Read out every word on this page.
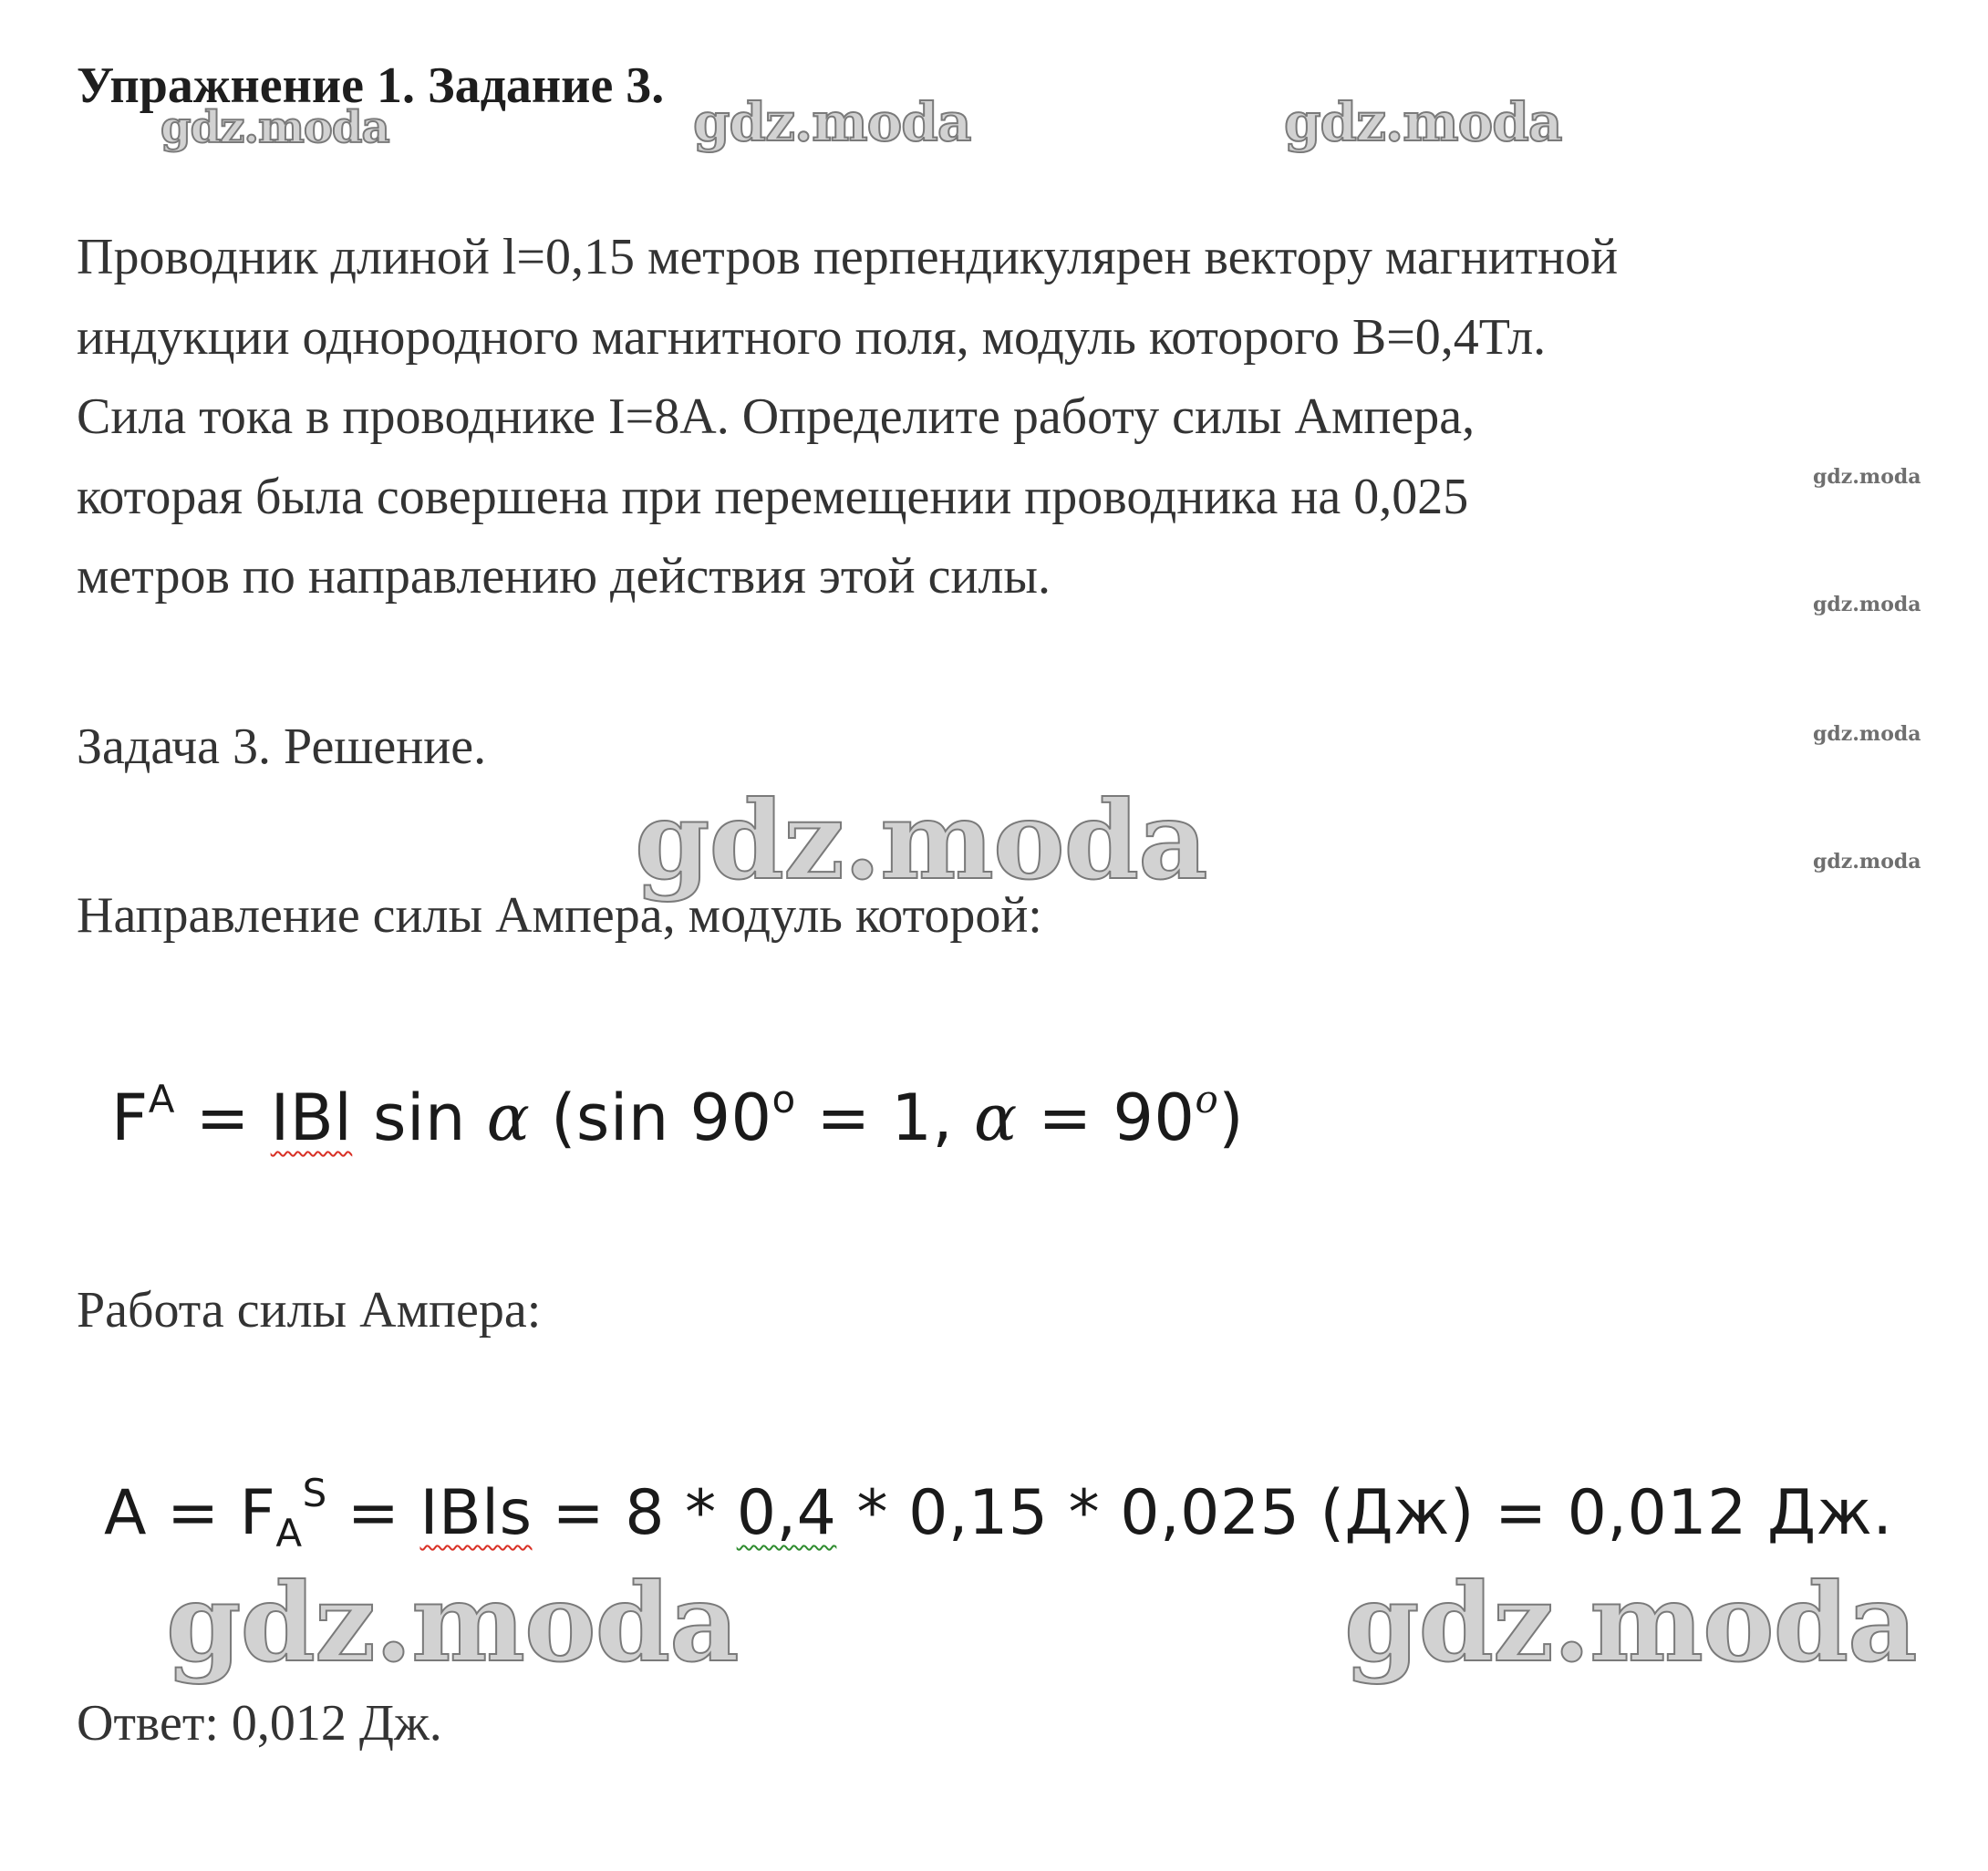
Упражнение 1. Задание 3.
gdz.moda	gdz.moda	gdz.moda
Проводник длиной l=0,15 метров перпендикулярен вектору магнитной
индукции однородного магнитного поля, модуль которого B=0,4Тл.
Сила тока в проводнике I=8А. Определите работу силы Ампера,
которая была совершена при перемещении проводника на 0,025
метров по направлению действия этой силы.
gdz.moda
gdz.moda
gdz.moda
gdz.moda
Задача 3. Решение.
gdz.moda
Направление силы Ампера, модуль которой:
$F^A$ = IBl sin α (sin $90^o = 1$, $\alpha = 90^o$)
Работа силы Ампера:
$A = F_A^S$ = IBls = 8 * 0,4 * 0,15 * 0,025 (Дж) = 0,012 Дж.
gdz.moda	gdz.moda
Ответ: 0,012 Дж.
